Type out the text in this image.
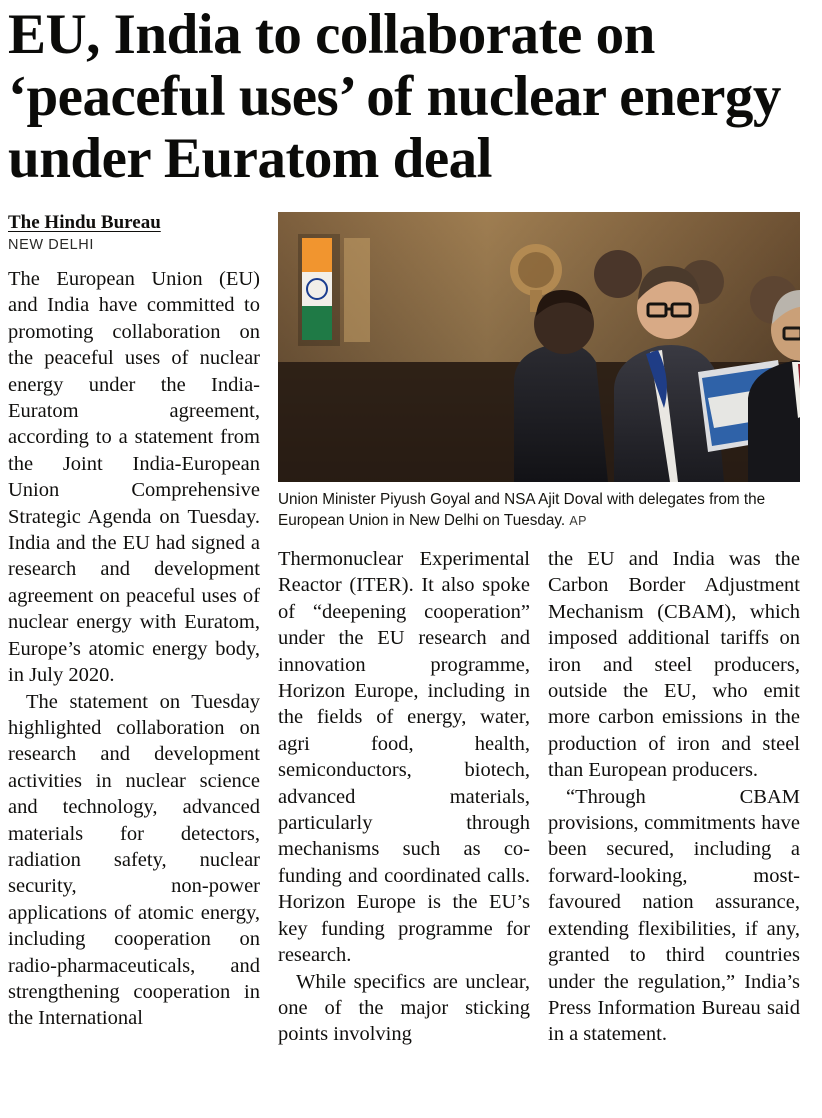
EU, India to collaborate on ‘peaceful uses’ of nuclear energy under Euratom deal
The Hindu Bureau
NEW DELHI

The European Union (EU) and India have committed to promoting collaboration on the peaceful uses of nuclear energy under the India-Euratom agreement, according to a statement from the Joint India-European Union Comprehensive Strategic Agenda on Tuesday. India and the EU had signed a research and development agreement on peaceful uses of nuclear energy with Euratom, Europe’s atomic energy body, in July 2020.

The statement on Tuesday highlighted collaboration on research and development activities in nuclear science and technology, advanced materials for detectors, radiation safety, nuclear security, non-power applications of atomic energy, including cooperation on radio-pharmaceuticals, and strengthening cooperation in the International

Union Minister Piyush Goyal and NSA Ajit Doval with delegates from the European Union in New Delhi on Tuesday. AP

Thermonuclear Experimental Reactor (ITER). It also spoke of “deepening cooperation” under the EU research and innovation programme, Horizon Europe, including in the fields of energy, water, agri food, health, semiconductors, biotech, advanced materials, particularly through mechanisms such as co-funding and coordinated calls. Horizon Europe is the EU’s key funding programme for research.

While specifics are unclear, one of the major sticking points involving

the EU and India was the Carbon Border Adjustment Mechanism (CBAM), which imposed additional tariffs on iron and steel producers, outside the EU, who emit more carbon emissions in the production of iron and steel than European producers.

“Through CBAM provisions, commitments have been secured, including a forward-looking, most-favoured nation assurance, extending flexibilities, if any, granted to third countries under the regulation,” India’s Press Information Bureau said in a statement.
